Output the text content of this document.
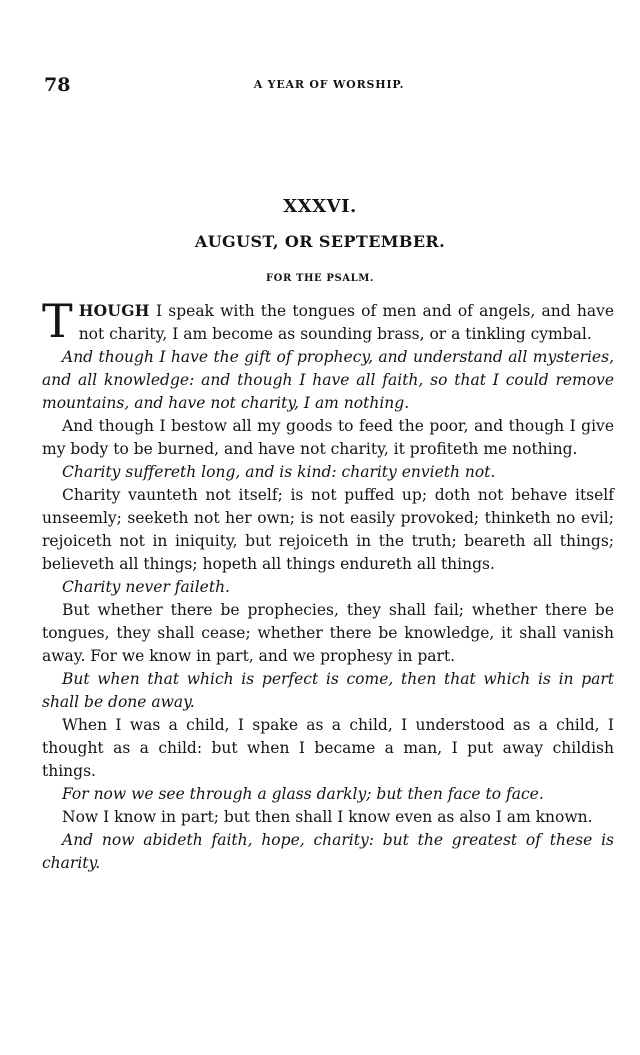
78	A YEAR OF WORSHIP.
XXXVI.
AUGUST, OR SEPTEMBER.
FOR THE PSALM.

THOUGH I speak with the tongues of men and of angels, and have not charity, I am become as sounding brass, or a tinkling cymbal.

And though I have the gift of prophecy, and understand all mysteries, and all knowledge: and though I have all faith, so that I could remove mountains, and have not charity, I am nothing.

And though I bestow all my goods to feed the poor, and though I give my body to be burned, and have not charity, it profiteth me nothing.

Charity suffereth long, and is kind: charity envieth not.

Charity vaunteth not itself; is not puffed up; doth not behave itself unseemly; seeketh not her own; is not easily provoked; thinketh no evil; rejoiceth not in iniquity, but rejoiceth in the truth; beareth all things; believeth all things; hopeth all things endureth all things.

Charity never faileth.

But whether there be prophecies, they shall fail; whether there be tongues, they shall cease; whether there be knowledge, it shall vanish away. For we know in part, and we prophesy in part.

But when that which is perfect is come, then that which is in part shall be done away.

When I was a child, I spake as a child, I understood as a child, I thought as a child: but when I became a man, I put away childish things.

For now we see through a glass darkly; but then face to face.

Now I know in part; but then shall I know even as also I am known.

And now abideth faith, hope, charity: but the greatest of these is charity.
